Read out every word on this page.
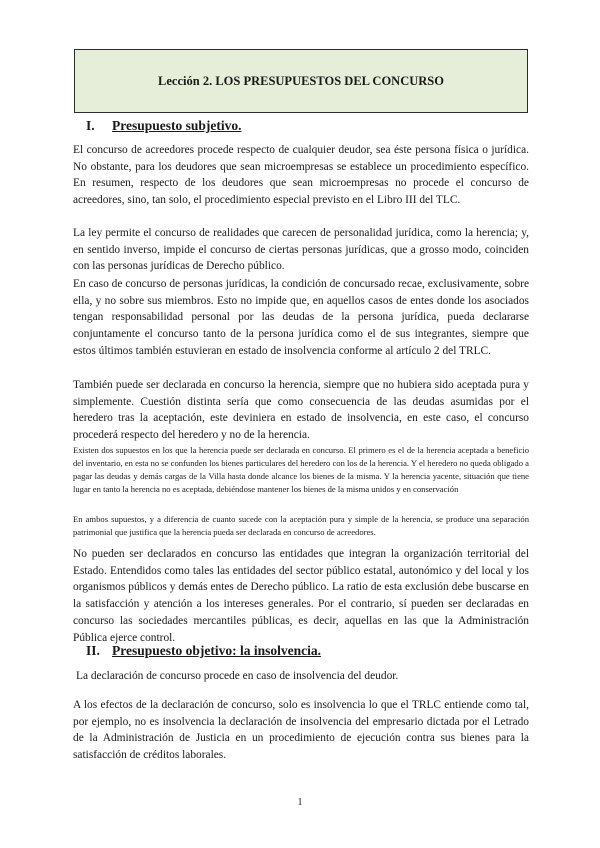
Lección 2. LOS PRESUPUESTOS DEL CONCURSO
I. Presupuesto subjetivo.

El concurso de acreedores procede respecto de cualquier deudor, sea éste persona física o jurídica. No obstante, para los deudores que sean microempresas se establece un procedimiento específico. En resumen, respecto de los deudores que sean microempresas no procede el concurso de acreedores, sino, tan solo, el procedimiento especial previsto en el Libro III del TLC.

La ley permite el concurso de realidades que carecen de personalidad jurídica, como la herencia; y, en sentido inverso, impide el concurso de ciertas personas jurídicas, que a grosso modo, coinciden con las personas jurídicas de Derecho público.

En caso de concurso de personas jurídicas, la condición de concursado recae, exclusivamente, sobre ella, y no sobre sus miembros. Esto no impide que, en aquellos casos de entes donde los asociados tengan responsabilidad personal por las deudas de la persona jurídica, pueda declararse conjuntamente el concurso tanto de la persona jurídica como el de sus integrantes, siempre que estos últimos también estuvieran en estado de insolvencia conforme al artículo 2 del TRLC.

También puede ser declarada en concurso la herencia, siempre que no hubiera sido aceptada pura y simplemente. Cuestión distinta sería que como consecuencia de las deudas asumidas por el heredero tras la aceptación, este deviniera en estado de insolvencia, en este caso, el concurso procederá respecto del heredero y no de la herencia.

Existen dos supuestos en los que la herencia puede ser declarada en concurso. El primero es el de la herencia aceptada a beneficio del inventario, en esta no se confunden los bienes particulares del heredero con los de la herencia. Y el heredero no queda obligado a pagar las deudas y demás cargas de la Villa hasta donde alcance los bienes de la misma. Y la herencia yacente, situación que tiene lugar en tanto la herencia no es aceptada, debiéndose mantener los bienes de la misma unidos y en conservación

En ambos supuestos, y a diferencia de cuanto sucede con la aceptación pura y simple de la herencia, se produce una separación patrimonial que justifica que la herencia pueda ser declarada en concurso de acreedores.

No pueden ser declarados en concurso las entidades que integran la organización territorial del Estado. Entendidos como tales las entidades del sector público estatal, autonómico y del local y los organismos públicos y demás entes de Derecho público. La ratio de esta exclusión debe buscarse en la satisfacción y atención a los intereses generales. Por el contrario, sí pueden ser declaradas en concurso las sociedades mercantiles públicas, es decir, aquellas en las que la Administración Pública ejerce control.

II. Presupuesto objetivo: la insolvencia.

La declaración de concurso procede en caso de insolvencia del deudor.

A los efectos de la declaración de concurso, solo es insolvencia lo que el TRLC entiende como tal, por ejemplo, no es insolvencia la declaración de insolvencia del empresario dictada por el Letrado de la Administración de Justicia en un procedimiento de ejecución contra sus bienes para la satisfacción de créditos laborales.

1
